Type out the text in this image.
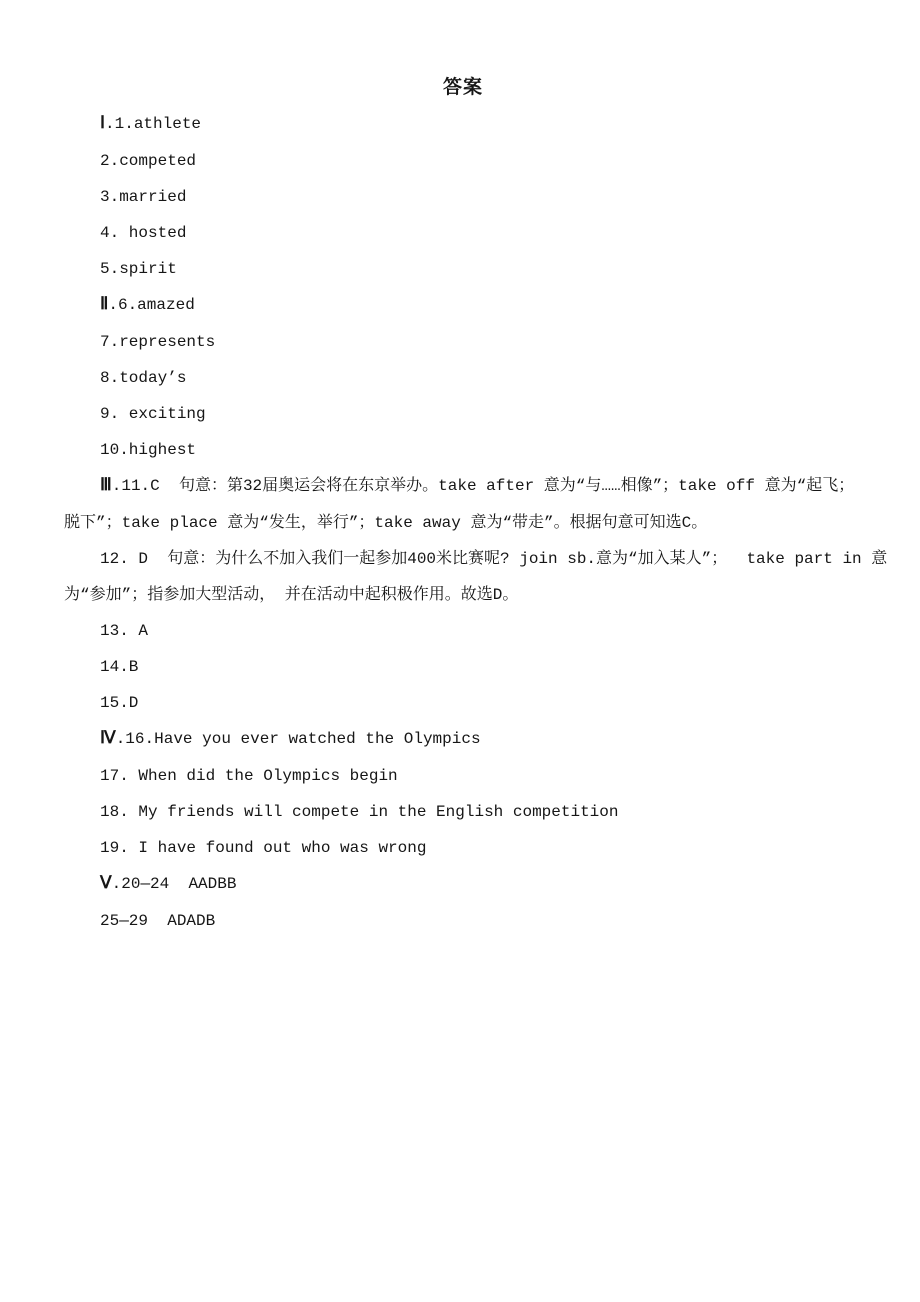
答案
Ⅰ.1.athlete
2.competed
3.married
4. hosted
5.spirit
Ⅱ.6.amazed
7.represents
8.today’s
9. exciting
10.highest
Ⅲ.11.C  句意：第32届奥运会将在东京举办。take after 意为“与……相像”；take off 意为“起飞；
脱下”；take place 意为“发生，举行”；take away 意为“带走”。根据句意可知选C。
12. D  句意：为什么不加入我们一起参加400米比赛呢? join sb.意为“加入某人”；  take part in 意
为“参加”；指参加大型活动， 并在活动中起积极作用。故选D。
13. A
14.B
15.D
Ⅳ.16.Have you ever watched the Olympics
17. When did the Olympics begin
18. My friends will compete in the English competition
19. I have found out who was wrong
Ⅴ.20—24  AADBB
25—29  ADADB
